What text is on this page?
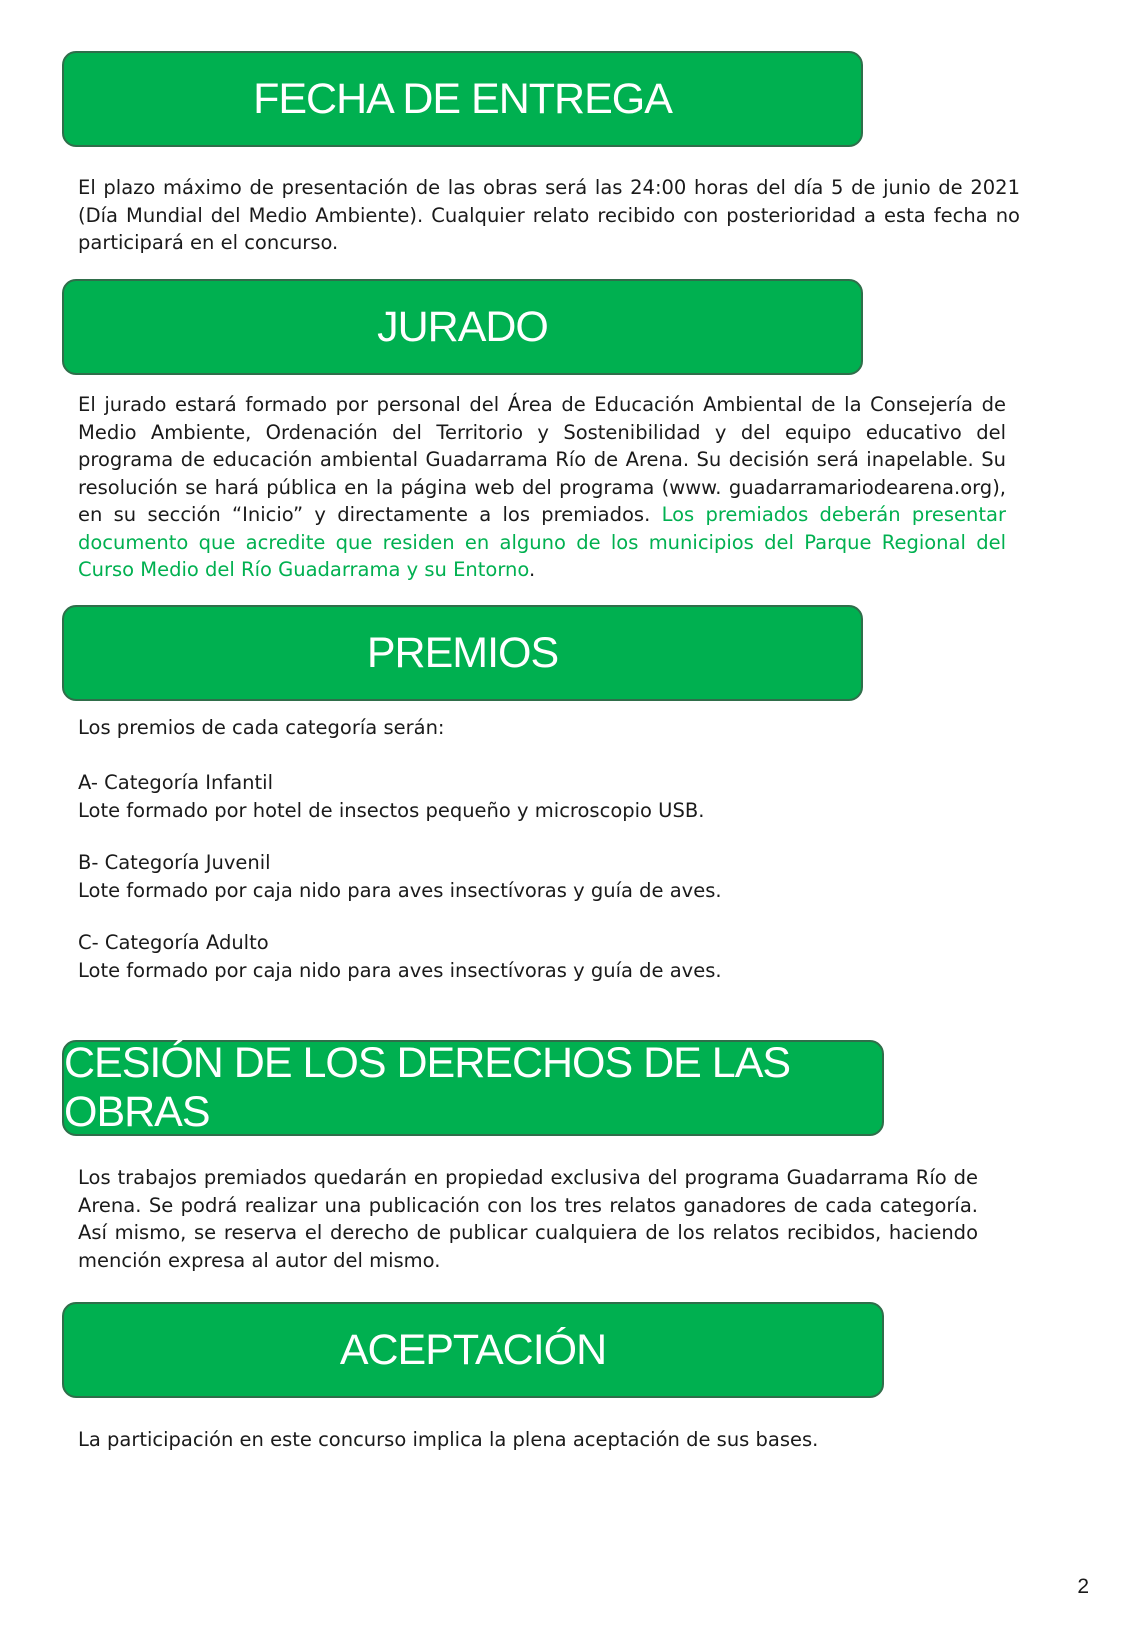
FECHA DE ENTREGA

El plazo máximo de presentación de las obras será las 24:00 horas del día 5 de junio de 2021 (Día Mundial del Medio Ambiente). Cualquier relato recibido con posterioridad a esta fecha no participará en el concurso.

JURADO

El jurado estará formado por personal del Área de Educación Ambiental de la Consejería de Medio Ambiente, Ordenación del Territorio y Sostenibilidad y del equipo educativo del programa de educación ambiental Guadarrama Río de Arena. Su decisión será inapelable. Su resolución se hará pública en la página web del programa (www. guadarramariodearena.org), en su sección “Inicio” y directamente a los premiados. Los premiados deberán presentar documento que acredite que residen en alguno de los municipios del Parque Regional del Curso Medio del Río Guadarrama y su Entorno.

PREMIOS
Los premios de cada categoría serán:
A- Categoría Infantil
Lote formado por hotel de insectos pequeño y microscopio USB.
B- Categoría Juvenil
Lote formado por caja nido para aves insectívoras y guía de aves.
C- Categoría Adulto
Lote formado por caja nido para aves insectívoras y guía de aves.
CESIÓN DE LOS DERECHOS DE LAS OBRAS

Los trabajos premiados quedarán en propiedad exclusiva del programa Guadarrama Río de Arena. Se podrá realizar una publicación con los tres relatos ganadores de cada categoría. Así mismo, se reserva el derecho de publicar cualquiera de los relatos recibidos, haciendo mención expresa al autor del mismo.

ACEPTACIÓN

La participación en este concurso implica la plena aceptación de sus bases.

2
